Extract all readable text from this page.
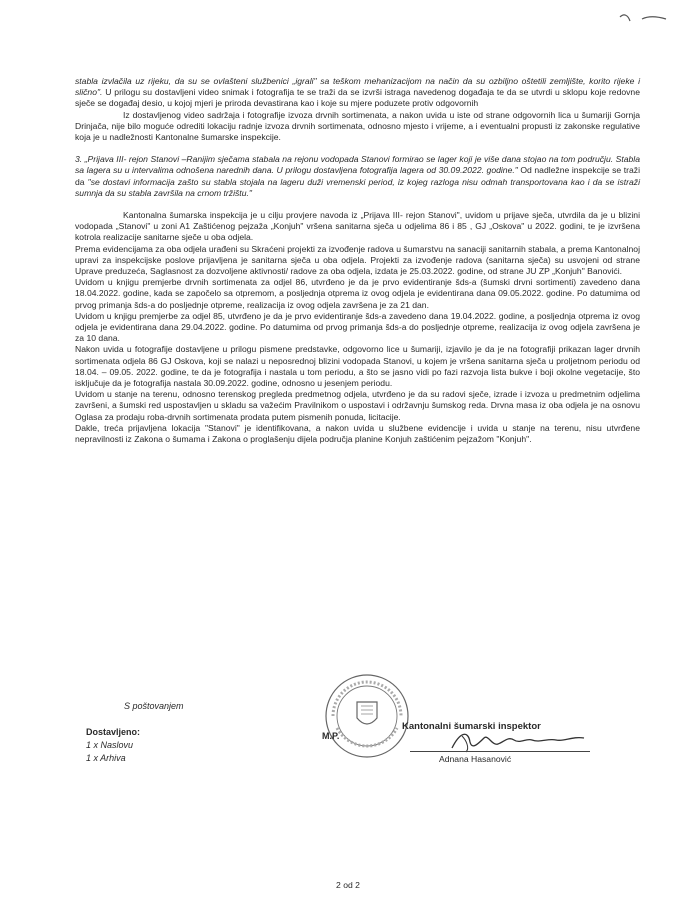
stabla izvlačila uz rijeku, da su se ovlašteni službenici „igrali" sa teškom mehanizacijom na način da su ozbiljno oštetili zemljište, korito rijeke i slično". U prilogu su dostavljeni video snimak i fotografija te se traži da se izvrši istraga navedenog događaja te da se utvrdi u sklopu koje redovne sječe se događaj desio, u kojoj mjeri je priroda devastirana kao i koje su mjere poduzete protiv odgovornih

Iz dostavljenog video sadržaja i fotografije izvoza drvnih sortimenata, a nakon uvida u iste od strane odgovornih lica u šumariji Gornja Drinjača, nije bilo moguće odrediti lokaciju radnje izvoza drvnih sortimenata, odnosno mjesto i vrijeme, a i eventualni propusti iz zakonske regulative koja je u nadležnosti Kantonalne šumarske inspekcije.

3. „Prijava III- rejon Stanovi –Ranijim sječama stabala na rejonu vodopada Stanovi formirao se lager koji je više dana stojao na tom području. Stabla sa lagera su u intervalima odnošena narednih dana. U prilogu dostavljena fotografija lagera od 30.09.2022. godine." Od nadležne inspekcije se traži da "se dostavi informacija zašto su stabla stojala na lageru duži vremenski period, iz kojeg razloga nisu odmah transportovana kao i da se istraži sumnja da su stabla završila na crnom tržištu."

Kantonalna šumarska inspekcija je u cilju provjere navoda iz „Prijava III- rejon Stanovi", uvidom u prijave sječa, utvrdila da je u blizini vodopada „Stanovi" u zoni A1 Zaštićenog pejzaža „Konjuh" vršena sanitarna sječa u odjelima 86 i 85 , GJ „Oskova" u 2022. godini, te je izvršena kotrola realizacije sanitarne sječe u oba odjela.

Prema evidencijama za oba odjela urađeni su Skraćeni projekti za izvođenje radova u šumarstvu na sanaciji sanitarnih stabala, a prema Kantonalnoj upravi za inspekcijske poslove prijavljena je sanitarna sječa u oba odjela. Projekti za izvođenje radova (sanitarna sječa) su usvojeni od strane Uprave preduzeća, Saglasnost za dozvoljene aktivnosti/ radove za oba odjela, izdata je 25.03.2022. godine, od strane JU ZP „Konjuh" Banovići.

Uvidom u knjigu premjerbe drvnih sortimenata za odjel 86, utvrđeno je da je prvo evidentiranje šds-a (šumski drvni sortimenti) zavedeno dana 18.04.2022. godine, kada se započelo sa otpremom, a posljednja otprema iz ovog odjela je evidentirana dana 09.05.2022. godine. Po datumima od prvog primanja šds-a do posljednje otpreme, realizacija iz ovog odjela završena je za 21 dan.

Uvidom u knjigu premjerbe za odjel 85, utvrđeno je da je prvo evidentiranje šds-a zavedeno dana 19.04.2022. godine, a posljednja otprema iz ovog odjela je evidentirana dana 29.04.2022. godine. Po datumima od prvog primanja šds-a do posljednje otpreme, realizacija iz ovog odjela završena je za 10 dana.

Nakon uvida u fotografije dostavljene u prilogu pismene predstavke, odgovorno lice u šumariji, izjavilo je da je na fotografiji prikazan lager drvnih sortimenata odjela 86 GJ Oskova, koji se nalazi u neposrednoj blizini vodopada Stanovi, u kojem je vršena sanitarna sječa u proljetnom periodu od 18.04. – 09.05. 2022. godine, te da je fotografija i nastala u tom periodu, a što se jasno vidi po fazi razvoja lista bukve i boji okolne vegetacije, što isključuje da je fotografija nastala 30.09.2022. godine, odnosno u jesenjem periodu.

Uvidom u stanje na terenu, odnosno terenskog pregleda predmetnog odjela, utvrđeno je da su radovi sječe, izrade i izvoza u predmetnim odjelima završeni, a šumski red uspostavljen u skladu sa važećim Pravilnikom o uspostavi i održavnju šumskog reda. Drvna masa iz oba odjela je na osnovu Oglasa za prodaju roba-drvnih sortimenata prodata putem pismenih ponuda, licitacije.

Dakle, treća prijavljena lokacija "Stanovi" je identifikovana, a nakon uvida u službene evidencije i uvida u stanje na terenu, nisu utvrđene nepravilnosti iz Zakona o šumama i Zakona o proglašenju dijela područja planine Konjuh zaštićenim pejzažom "Konjuh".

S poštovanjem
Dostavljeno:
1 x Naslovu
1 x Arhiva
M.P.
Kantonalni šumarski inspektor
Adnana Hasanović
2 od 2
